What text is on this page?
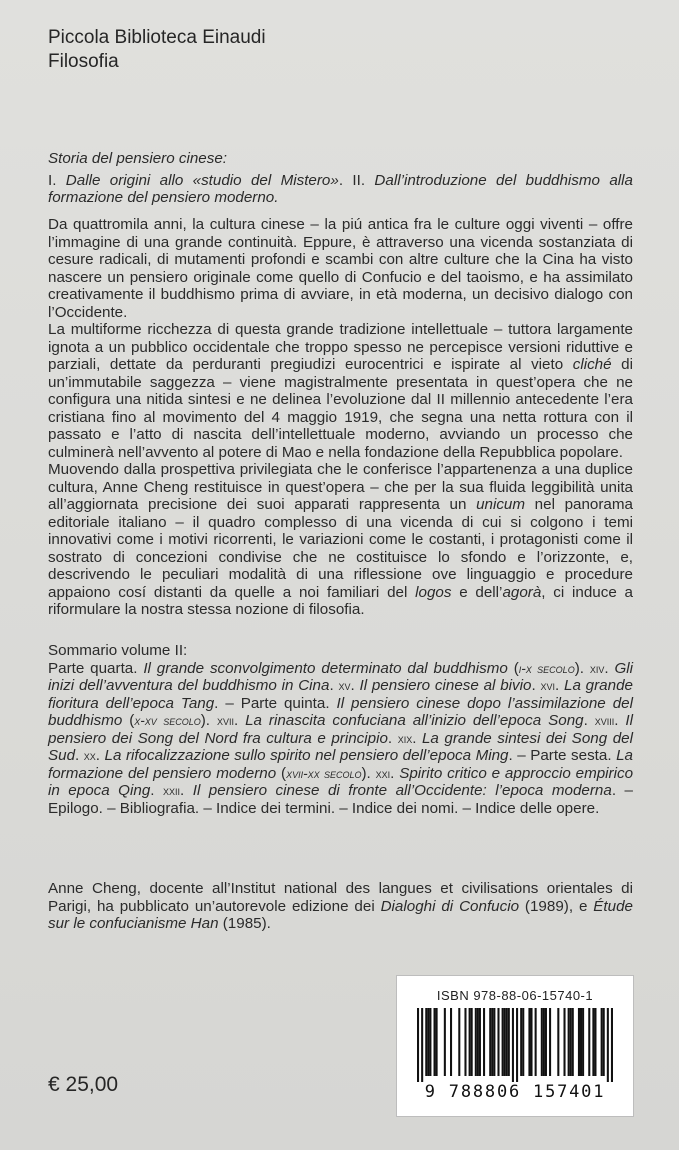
Piccola Biblioteca Einaudi
Filosofia

Storia del pensiero cinese:

I. Dalle origini allo «studio del Mistero». II. Dall’introduzione del buddhismo alla formazione del pensiero moderno.

Da quattromila anni, la cultura cinese – la piú antica fra le culture oggi viventi – offre l’immagine di una grande continuità. Eppure, è attraverso una vicenda sostanziata di cesure radicali, di mutamenti profondi e scambi con altre culture che la Cina ha visto nascere un pensiero originale come quello di Confucio e del taoismo, e ha assimilato creativamente il buddhismo prima di avviare, in età moderna, un decisivo dialogo con l’Occidente.

La multiforme ricchezza di questa grande tradizione intellettuale – tuttora largamente ignota a un pubblico occidentale che troppo spesso ne percepisce versioni riduttive e parziali, dettate da perduranti pregiudizi eurocentrici e ispirate al vieto cliché di un’immutabile saggezza – viene magistralmente presentata in quest’opera che ne configura una nitida sintesi e ne delinea l’evoluzione dal II millennio antecedente l’era cristiana fino al movimento del 4 maggio 1919, che segna una netta rottura con il passato e l’atto di nascita dell’intellettuale moderno, avviando un processo che culminerà nell’avvento al potere di Mao e nella fondazione della Repubblica popolare.

Muovendo dalla prospettiva privilegiata che le conferisce l’appartenenza a una duplice cultura, Anne Cheng restituisce in quest’opera – che per la sua fluida leggibilità unita all’aggiornata precisione dei suoi apparati rappresenta un unicum nel panorama editoriale italiano – il quadro complesso di una vicenda di cui si colgono i temi innovativi come i motivi ricorrenti, le variazioni come le costanti, i protagonisti come il sostrato di concezioni condivise che ne costituisce lo sfondo e l’orizzonte, e, descrivendo le peculiari modalità di una riflessione ove linguaggio e procedure appaiono cosí distanti da quelle a noi familiari del logos e dell’agorà, ci induce a riformulare la nostra stessa nozione di filosofia.

Sommario volume II:

Parte quarta. Il grande sconvolgimento determinato dal buddhismo (i-x secolo). xiv. Gli inizi dell’avventura del buddhismo in Cina. xv. Il pensiero cinese al bivio. xvi. La grande fioritura dell’epoca Tang. – Parte quinta. Il pensiero cinese dopo l’assimilazione del buddhismo (x-xv secolo). xvii. La rinascita confuciana all’inizio dell’epoca Song. xviii. Il pensiero dei Song del Nord fra cultura e principio. xix. La grande sintesi dei Song del Sud. xx. La rifocalizzazione sullo spirito nel pensiero dell’epoca Ming. – Parte sesta. La formazione del pensiero moderno (xvii-xx secolo). xxi. Spirito critico e approccio empirico in epoca Qing. xxii. Il pensiero cinese di fronte all’Occidente: l’epoca moderna. – Epilogo. – Bibliografia. – Indice dei termini. – Indice dei nomi. – Indice delle opere.

Anne Cheng, docente all’Institut national des langues et civilisations orientales di Parigi, ha pubblicato un’autorevole edizione dei Dialoghi di Confucio (1989), e Étude sur le confucianisme Han (1985).

ISBN 978-88-06-15740-1
9 788806 157401
€ 25,00
